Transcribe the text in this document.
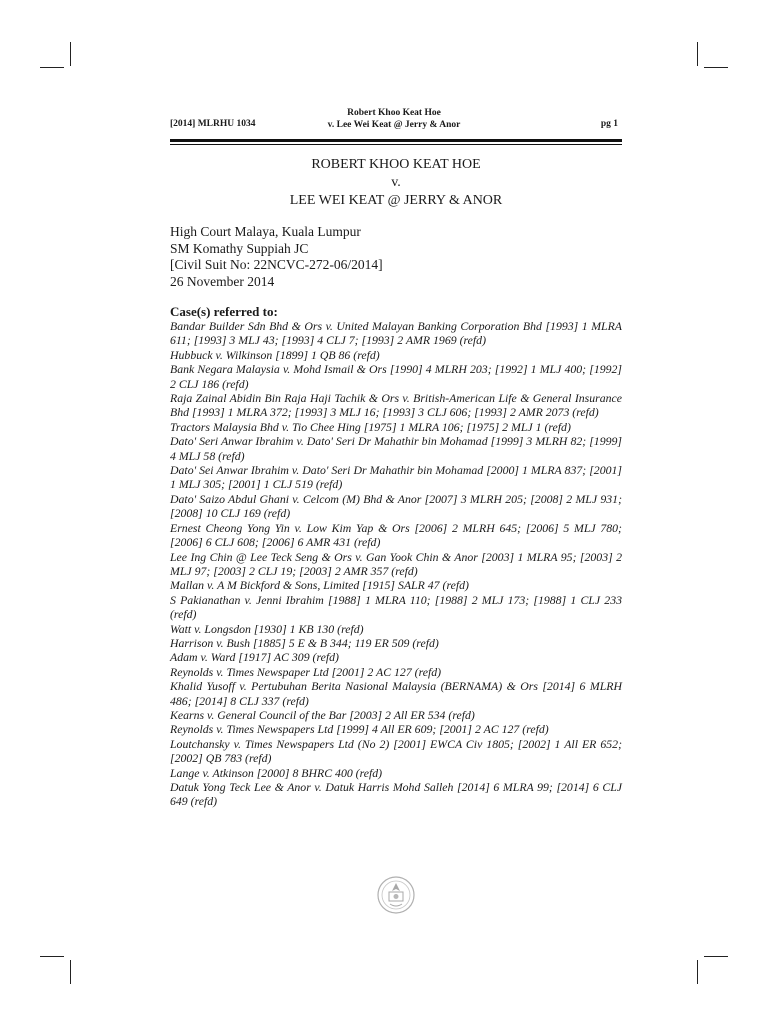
[2014] MLRHU 1034
Robert Khoo Keat Hoe
v. Lee Wei Keat @ Jerry & Anor	pg 1
ROBERT KHOO KEAT HOE
v.
LEE WEI KEAT @ JERRY & ANOR
High Court Malaya, Kuala Lumpur
SM Komathy Suppiah JC
[Civil Suit No: 22NCVC-272-06/2014]
26 November 2014
Case(s) referred to:
Bandar Builder Sdn Bhd & Ors v. United Malayan Banking Corporation Bhd [1993] 1 MLRA 611; [1993] 3 MLJ 43; [1993] 4 CLJ 7; [1993] 2 AMR 1969 (refd)
Hubbuck v. Wilkinson [1899] 1 QB 86 (refd)
Bank Negara Malaysia v. Mohd Ismail & Ors [1990] 4 MLRH 203; [1992] 1 MLJ 400; [1992] 2 CLJ 186 (refd)
Raja Zainal Abidin Bin Raja Haji Tachik & Ors v. British-American Life & General Insurance Bhd [1993] 1 MLRA 372; [1993] 3 MLJ 16; [1993] 3 CLJ 606; [1993] 2 AMR 2073 (refd)
Tractors Malaysia Bhd v. Tio Chee Hing [1975] 1 MLRA 106; [1975] 2 MLJ 1 (refd)
Dato' Seri Anwar Ibrahim v. Dato' Seri Dr Mahathir bin Mohamad [1999] 3 MLRH 82; [1999] 4 MLJ 58 (refd)
Dato' Sei Anwar Ibrahim v. Dato' Seri Dr Mahathir bin Mohamad [2000] 1 MLRA 837; [2001] 1 MLJ 305; [2001] 1 CLJ 519 (refd)
Dato' Saizo Abdul Ghani v. Celcom (M) Bhd & Anor [2007] 3 MLRH 205; [2008] 2 MLJ 931; [2008] 10 CLJ 169 (refd)
Ernest Cheong Yong Yin v. Low Kim Yap & Ors [2006] 2 MLRH 645; [2006] 5 MLJ 780; [2006] 6 CLJ 608; [2006] 6 AMR 431 (refd)
Lee Ing Chin @ Lee Teck Seng & Ors v. Gan Yook Chin & Anor [2003] 1 MLRA 95; [2003] 2 MLJ 97; [2003] 2 CLJ 19; [2003] 2 AMR 357 (refd)
Mallan v. A M Bickford & Sons, Limited [1915] SALR 47 (refd)
S Pakianathan v. Jenni Ibrahim [1988] 1 MLRA 110; [1988] 2 MLJ 173; [1988] 1 CLJ 233 (refd)
Watt v. Longsdon [1930] 1 KB 130 (refd)
Harrison v. Bush [1885] 5 E & B 344; 119 ER 509 (refd)
Adam v. Ward [1917] AC 309 (refd)
Reynolds v. Times Newspaper Ltd [2001] 2 AC 127 (refd)
Khalid Yusoff v. Pertubuhan Berita Nasional Malaysia (BERNAMA) & Ors [2014] 6 MLRH 486; [2014] 8 CLJ 337 (refd)
Kearns v. General Council of the Bar [2003] 2 All ER 534 (refd)
Reynolds v. Times Newspapers Ltd [1999] 4 All ER 609; [2001] 2 AC 127 (refd)
Loutchansky v. Times Newspapers Ltd (No 2) [2001] EWCA Civ 1805; [2002] 1 All ER 652; [2002] QB 783 (refd)
Lange v. Atkinson [2000] 8 BHRC 400 (refd)
Datuk Yong Teck Lee & Anor v. Datuk Harris Mohd Salleh [2014] 6 MLRA 99; [2014] 6 CLJ 649 (refd)
